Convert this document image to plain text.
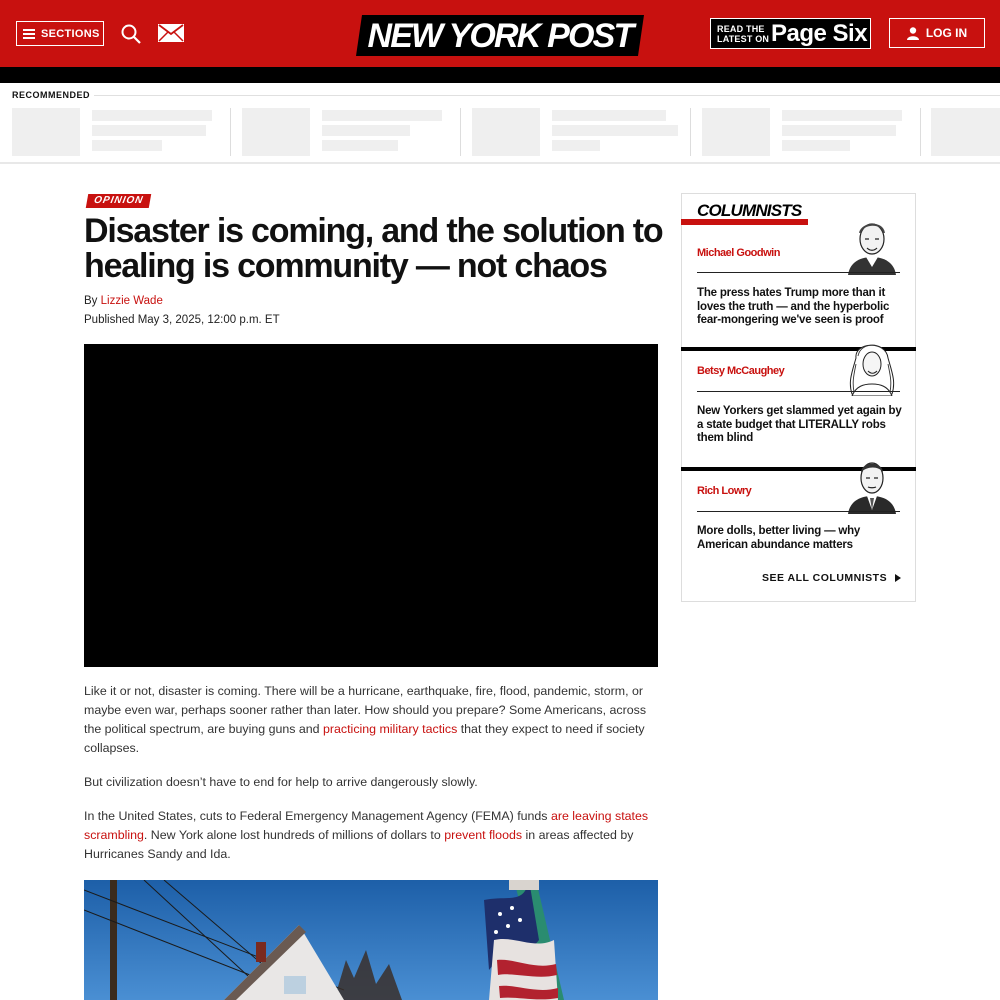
SECTIONS	NEW YORK POST	READ THE LATEST ON Page Six	LOG IN
RECOMMENDED
OPINION
Disaster is coming, and the solution to healing is community — not chaos
By Lizzie Wade
Published May 3, 2025, 12:00 p.m. ET

Like it or not, disaster is coming. There will be a hurricane, earthquake, fire, flood, pandemic, storm, or maybe even war, perhaps sooner rather than later. How should you prepare? Some Americans, across the political spectrum, are buying guns and practicing military tactics that they expect to need if society collapses.

But civilization doesn’t have to end for help to arrive dangerously slowly.

In the United States, cuts to Federal Emergency Management Agency (FEMA) funds are leaving states scrambling. New York alone lost hundreds of millions of dollars to prevent floods in areas affected by Hurricanes Sandy and Ida.

COLUMNISTS
Michael Goodwin
The press hates Trump more than it loves the truth — and the hyperbolic fear-mongering we've seen is proof
Betsy McCaughey
New Yorkers get slammed yet again by a state budget that LITERALLY robs them blind
Rich Lowry
More dolls, better living — why American abundance matters
SEE ALL COLUMNISTS
